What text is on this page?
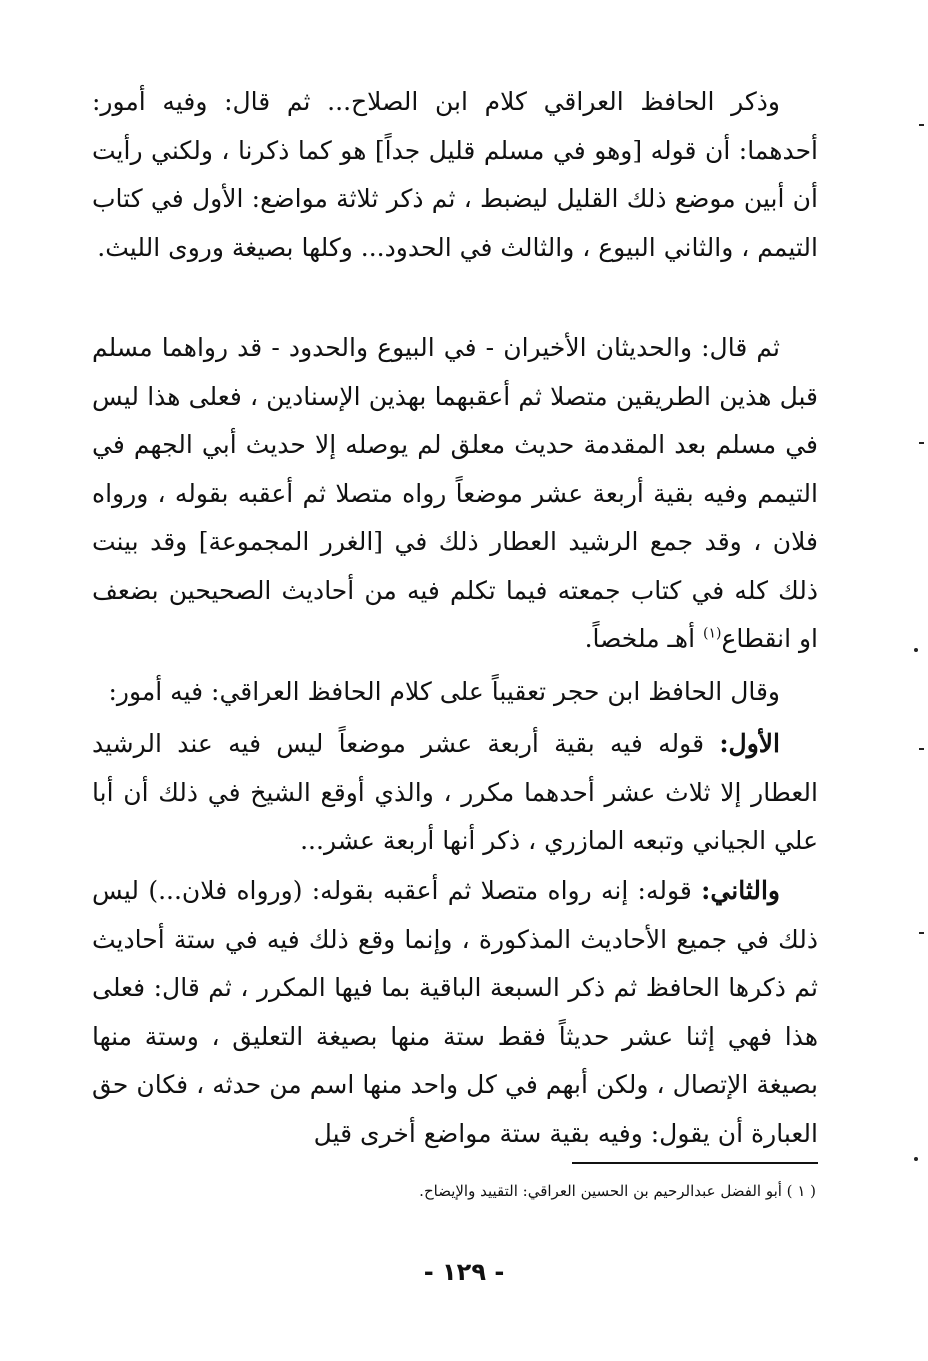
وذكر الحافظ العراقي كلام ابن الصلاح... ثم قال: وفيه أمور: أحدهما: أن قوله [وهو في مسلم قليل جداً] هو كما ذكرنا ، ولكني رأيت أن أبين موضع ذلك القليل ليضبط ، ثم ذكر ثلاثة مواضع: الأول في كتاب التيمم ، والثاني البيوع ، والثالث في الحدود... وكلها بصيغة وروى الليث.

ثم قال: والحديثان الأخيران - في البيوع والحدود - قد رواهما مسلم قبل هذين الطريقين متصلا ثم أعقبهما بهذين الإسنادين ، فعلى هذا ليس في مسلم بعد المقدمة حديث معلق لم يوصله إلا حديث أبي الجهم في التيمم وفيه بقية أربعة عشر موضعاً رواه متصلا ثم أعقبه بقوله ، ورواه فلان ، وقد جمع الرشيد العطار ذلك في [الغرر المجموعة] وقد بينت ذلك كله في كتاب جمعته فيما تكلم فيه من أحاديث الصحيحين بضعف او انقطاع$^{(١)}$ أهـ ملخصاً.

وقال الحافظ ابن حجر تعقيباً على كلام الحافظ العراقي: فيه أمور:

الأول: قوله فيه بقية أربعة عشر موضعاً ليس فيه عند الرشيد العطار إلا ثلاث عشر أحدهما مكرر ، والذي أوقع الشيخ في ذلك أن أبا علي الجياني وتبعه المازري ، ذكر أنها أربعة عشر...

والثاني: قوله: إنه رواه متصلا ثم أعقبه بقوله: (ورواه فلان...) ليس ذلك في جميع الأحاديث المذكورة ، وإنما وقع ذلك فيه في ستة أحاديث ثم ذكرها الحافظ ثم ذكر السبعة الباقية بما فيها المكرر ، ثم قال: فعلى هذا فهي إثنا عشر حديثاً فقط ستة منها بصيغة التعليق ، وستة منها بصيغة الإتصال ، ولكن أبهم في كل واحد منها اسم من حدثه ، فكان حق العبارة أن يقول: وفيه بقية ستة مواضع أخرى قيل

( ١ ) أبو الفضل عبدالرحيم بن الحسين العراقي: التقييد والإيضاح.
- ١٢٩ -
